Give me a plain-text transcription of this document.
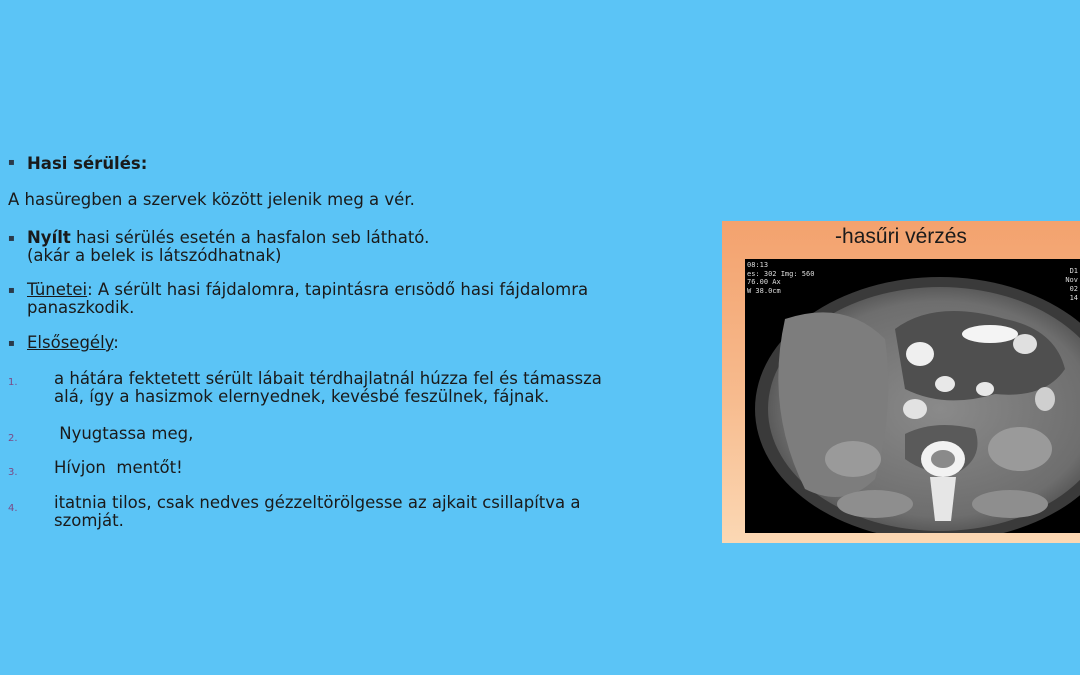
▪ Hasi sérülés:
A hasüregben a szervek között jelenik meg a vér.
▪ Nyílt hasi sérülés esetén a hasfalon seb látható.
(akár a belek is látszódhatnak)
▪ Tünetei: A sérült hasi fájdalomra, tapintásra erısödő hasi fájdalomra
panaszkodik.
▪ Elsősegély:
1. a hátára fektetett sérült lábait térdhajlatnál húzza fel és támassza
alá, így a hasizmok elernyednek, kevésbé feszülnek, fájnak.
2. Nyugtassa meg,
3. Hívjon  mentőt!
4. itatnia tilos, csak nedves gézzeltörölgesse az ajkait csillapítva a
szomját.
-hasűri vérzés
08:13
es: 302 Img: 560
76.00 Ax
W 38.0cm
D1
Nov
02
14
